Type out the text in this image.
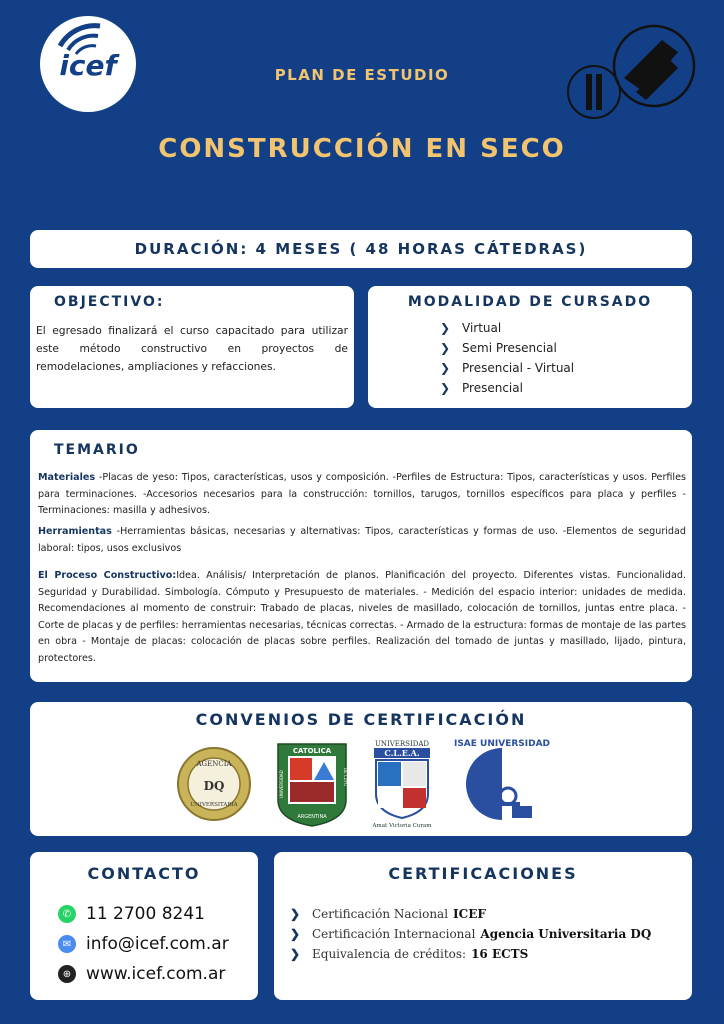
icef	PLAN DE ESTUDIO
CONSTRUCCIÓN EN SECO
DURACIÓN: 4 MESES ( 48 HORAS CÁTEDRAS)
OBJECTIVO:
El egresado finalizará el curso capacitado para utilizar este método constructivo en proyectos de remodelaciones, ampliaciones y refacciones.
MODALIDAD DE CURSADO
❯ Virtual
❯ Semi Presencial
❯ Presencial - Virtual
❯ Presencial
TEMARIO
Materiales -Placas de yeso: Tipos, características, usos y composición. -Perfiles de Estructura: Tipos, características y usos. Perfiles para terminaciones. -Accesorios necesarios para la construcción: tornillos, tarugos, tornillos específicos para placa y perfiles -Terminaciones: masilla y adhesivos.
Herramientas -Herramientas básicas, necesarias y alternativas: Tipos, características y formas de uso. -Elementos de seguridad laboral: tipos, usos exclusivos
El Proceso Constructivo:Idea. Análisis/ Interpretación de planos. Planificación del proyecto. Diferentes vistas. Funcionalidad. Seguridad y Durabilidad. Simbología. Cómputo y Presupuesto de materiales. - Medición del espacio interior: unidades de medida. Recomendaciones al momento de construir: Trabado de placas, niveles de masillado, colocación de tornillos, juntas entre placa. - Corte de placas y de perfiles: herramientas necesarias, técnicas correctas. - Armado de la estructura: formas de montaje de las partes en obra - Montaje de placas: colocación de placas sobre perfiles. Realización del tomado de juntas y masillado, lijado, pintura, protectores.
CONVENIOS DE CERTIFICACIÓN
AGENCIA
DQ
UNIVERSITARIA
CATOLICA
ARGENTINA
UNIVERSIDAD	DE CUYO
UNIVERSIDAD
C.L.E.A.
Amat Victoria Curam
ISAE UNIVERSIDAD
CONTACTO
✆ 11 2700 8241
✉ info@icef.com.ar
⊕ www.icef.com.ar
CERTIFICACIONES
❯ Certificación Nacional ICEF
❯ Certificación Internacional Agencia Universitaria DQ
❯ Equivalencia de créditos: 16 ECTS
